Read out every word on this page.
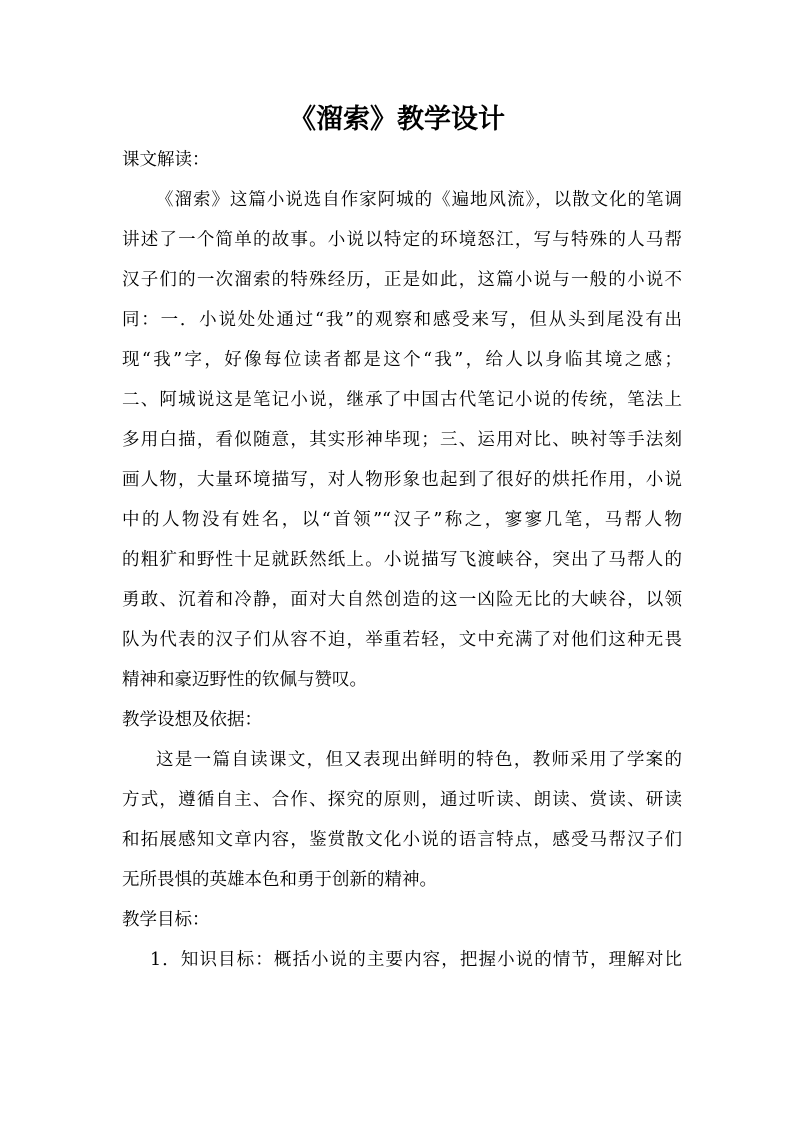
《溜索》教学设计
课文解读：
《溜索》这篇小说选自作家阿城的《遍地风流》，以散文化的笔调
讲述了一个简单的故事。小说以特定的环境怒江，写与特殊的人马帮
汉子们的一次溜索的特殊经历，正是如此，这篇小说与一般的小说不
同：一．小说处处通过“我”的观察和感受来写，但从头到尾没有出
现“我”字，好像每位读者都是这个“我”，给人以身临其境之感；
二、阿城说这是笔记小说，继承了中国古代笔记小说的传统，笔法上
多用白描，看似随意，其实形神毕现；三、运用对比、映衬等手法刻
画人物，大量环境描写，对人物形象也起到了很好的烘托作用，小说
中的人物没有姓名，以“首领”“汉子”称之，寥寥几笔，马帮人物
的粗犷和野性十足就跃然纸上。小说描写飞渡峡谷，突出了马帮人的
勇敢、沉着和冷静，面对大自然创造的这一凶险无比的大峡谷，以领
队为代表的汉子们从容不迫，举重若轻，文中充满了对他们这种无畏
精神和豪迈野性的钦佩与赞叹。
教学设想及依据：
这是一篇自读课文，但又表现出鲜明的特色，教师采用了学案的
方式，遵循自主、合作、探究的原则，通过听读、朗读、赏读、研读
和拓展感知文章内容，鉴赏散文化小说的语言特点，感受马帮汉子们
无所畏惧的英雄本色和勇于创新的精神。
教学目标：
1．知识目标：概括小说的主要内容，把握小说的情节，理解对比
